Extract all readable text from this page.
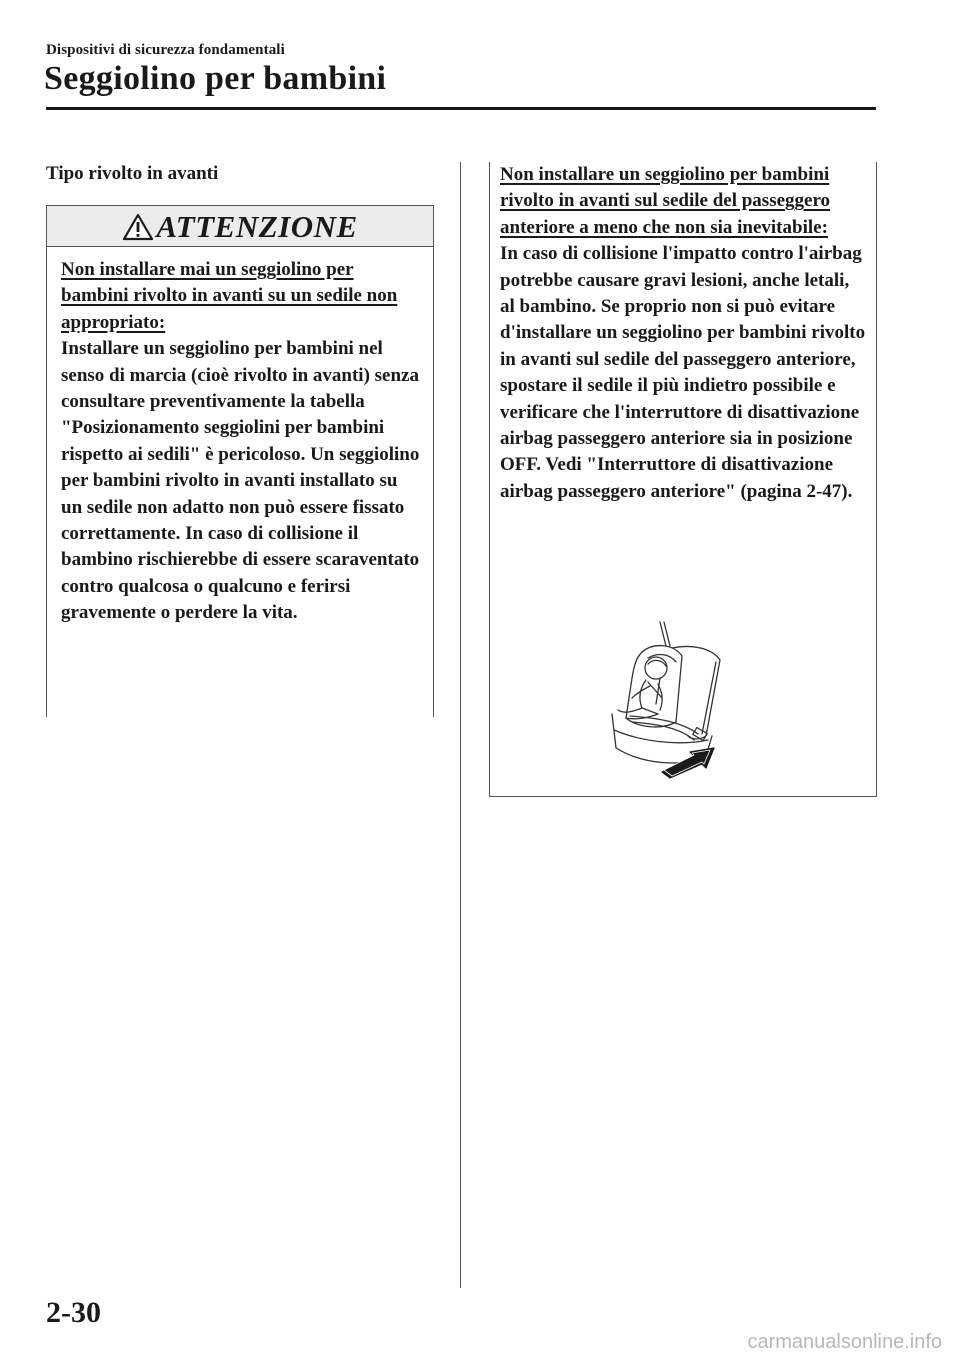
Dispositivi di sicurezza fondamentali
Seggiolino per bambini
Tipo rivolto in avanti
ATTENZIONE
Non installare mai un seggiolino per bambini rivolto in avanti su un sedile non appropriato:
Installare un seggiolino per bambini nel senso di marcia (cioè rivolto in avanti) senza consultare preventivamente la tabella "Posizionamento seggiolini per bambini rispetto ai sedili" è pericoloso. Un seggiolino per bambini rivolto in avanti installato su un sedile non adatto non può essere fissato correttamente. In caso di collisione il bambino rischierebbe di essere scaraventato contro qualcosa o qualcuno e ferirsi gravemente o perdere la vita.
Non installare un seggiolino per bambini rivolto in avanti sul sedile del passeggero anteriore a meno che non sia inevitabile:
In caso di collisione l'impatto contro l'airbag potrebbe causare gravi lesioni, anche letali, al bambino. Se proprio non si può evitare d'installare un seggiolino per bambini rivolto in avanti sul sedile del passeggero anteriore, spostare il sedile il più indietro possibile e verificare che l'interruttore di disattivazione airbag passeggero anteriore sia in posizione OFF. Vedi "Interruttore di disattivazione airbag passeggero anteriore" (pagina 2-47).
2-30
carmanualsonline.info
